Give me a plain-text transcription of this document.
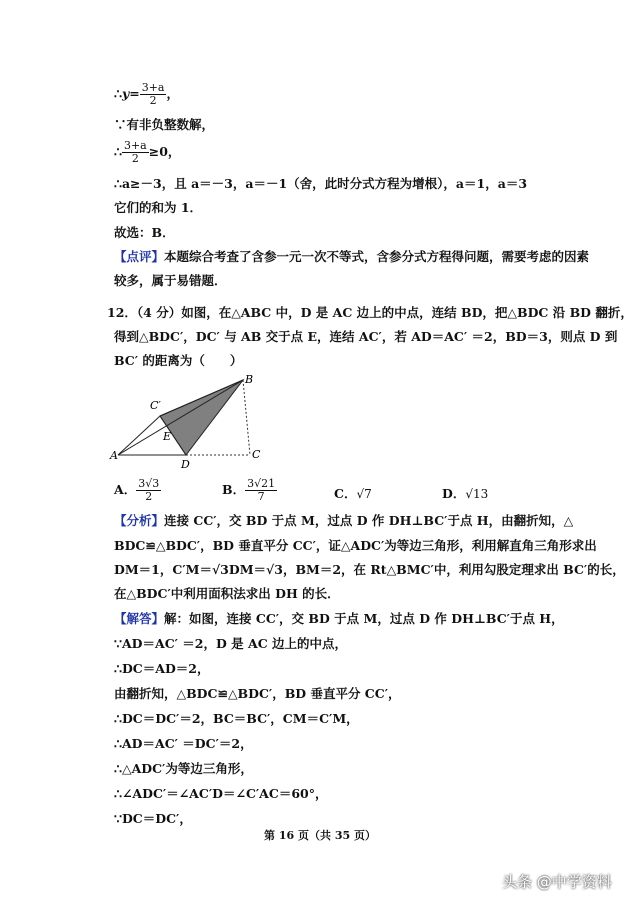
∴y= $\frac{3+a}{2}$ ，
∵有非负整数解，
∴ $\frac{3+a}{2} \ge 0$，
∴a≥－3，且 a＝－3，a＝－1（舍，此时分式方程为增根），a＝1，a＝3
它们的和为 1．
故选：B．
【点评】本题综合考查了含参一元一次不等式，含参分式方程得问题，需要考虑的因素
较多，属于易错题．
12．（4 分）如图，在△ABC 中，D 是 AC 边上的中点，连结 BD，把△BDC 沿 BD 翻折，
得到△BDC′，DC′ 与 AB 交于点 E，连结 AC′，若 AD＝AC′ ＝2，BD＝3，则点 D 到
BC′ 的距离为（　　）
A
B
C
C′
D
E
A． $\frac{3√3}{2}$	B． $\frac{3√21}{7}$	C．√7	D．√13
【分析】连接 CC′，交 BD 于点 M，过点 D 作 DH⊥BC′于点 H，由翻折知，△
BDC≌△BDC′，BD 垂直平分 CC′，证△ADC′为等边三角形，利用解直角三角形求出
DM＝1，C′M＝√3DM＝√3，BM＝2，在 Rt△BMC′中，利用勾股定理求出 BC′的长，
在△BDC′中利用面积法求出 DH 的长．
【解答】解：如图，连接 CC′，交 BD 于点 M，过点 D 作 DH⊥BC′于点 H，
∵AD＝AC′ ＝2，D 是 AC 边上的中点，
∴DC＝AD＝2，
由翻折知，△BDC≌△BDC′，BD 垂直平分 CC′，
∴DC＝DC′＝2，BC＝BC′，CM＝C′M，
∴AD＝AC′ ＝DC′＝2，
∴△ADC′为等边三角形，
∴∠ADC′＝∠AC′D＝∠C′AC＝60°，
∵DC＝DC′，
第 16 页（共 35 页）
头条 @中学资料
